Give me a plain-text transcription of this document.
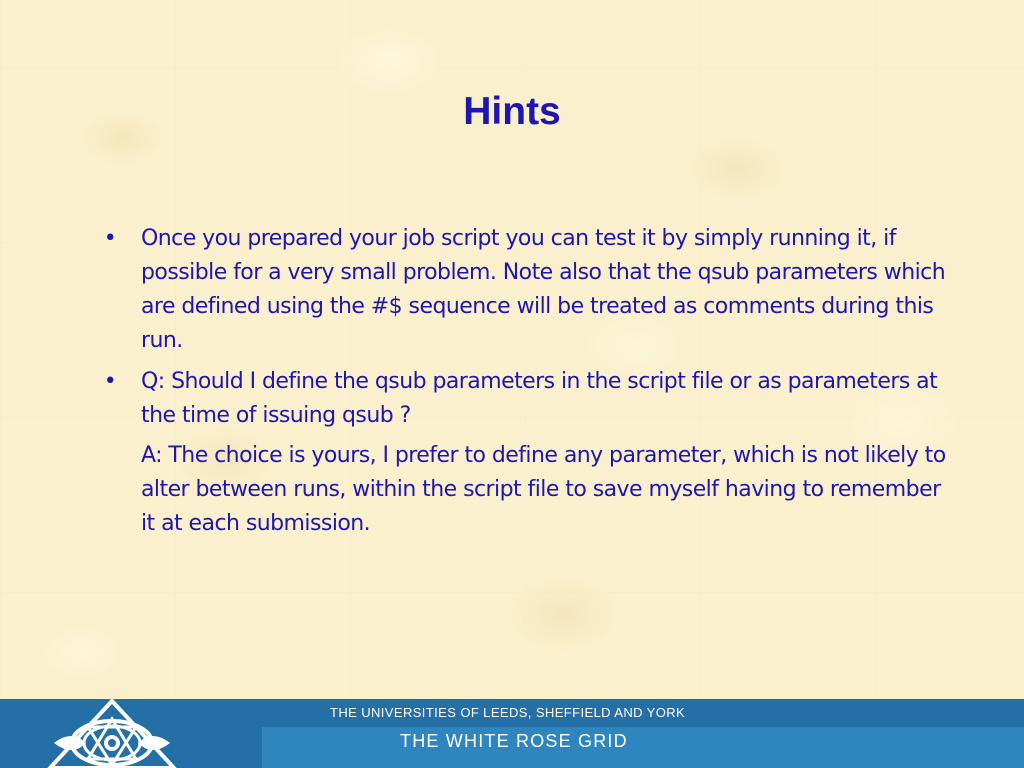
Hints
• Once you prepared your job script you can test it by simply running it, if possible for a very small problem. Note also that the qsub parameters which are defined using the #$ sequence will be treated as comments during this run.
• Q: Should I define the qsub parameters in the script file or as parameters at the time of issuing qsub ?
A: The choice is yours, I prefer to define any parameter, which is not likely to alter between runs, within the script file to save myself having to remember it at each submission.

THE UNIVERSITIES OF LEEDS, SHEFFIELD AND YORK

THE WHITE ROSE GRID
